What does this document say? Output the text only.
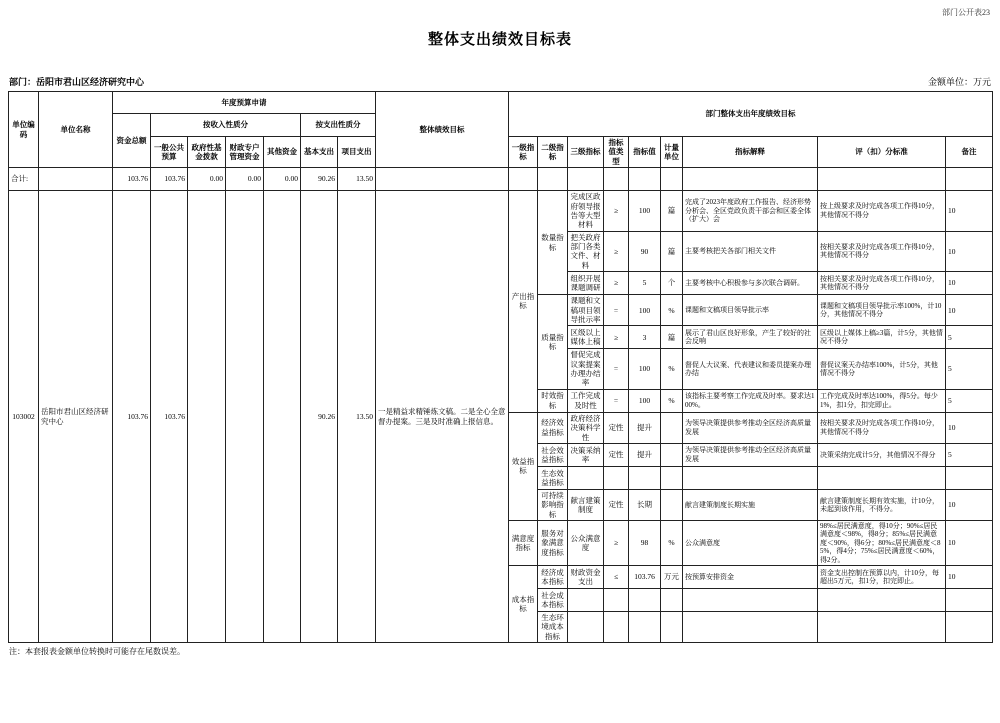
部门公开表23
整体支出绩效目标表
部门：岳阳市君山区经济研究中心	金额单位：万元
单位编码	单位名称	年度预算申请							整体绩效目标	部门整体支出年度绩效目标								
		资金总额	按收入性质分				按支出性质分											
			一般公共预算	政府性基金拨款	财政专户管理资金	其他资金	基本支出	项目支出		一级指标	二级指标	三级指标	指标值类型	指标值	计量单位	指标解释	评（扣）分标准	备注
合计:		103.76	103.76	0.00	0.00	0.00	90.26	13.50										
103002	岳阳市君山区经济研究中心	103.76	103.76				90.26	13.50	一是精益求精锤炼文稿。二是全心全意督办提案。三是及时准确上报信息。	产出指标	数量指标	完成区政府领导报告等大型材料	≥	100	篇	完成了2023年度政府工作报告、经济形势分析会、全区党政负责干部会和区委全体（扩大）会	按上级要求及时完成各项工作得10分，其他情况不得分	10
												把关政府部门各类文件、材料	≥	90	篇	主要考核把关各部门相关文件	按相关要求及时完成各项工作得10分，其他情况不得分	10
												组织开展课题调研	≥	5	个	主要考核中心积极参与多次联合调研。	按相关要求及时完成各项工作得10分，其他情况不得分	10
											质量指标	课题和文稿项目领导批示率	=	100	%	课题和文稿项目领导批示率	课题和文稿项目领导批示率100%，计10分，其他情况不得分	10
												区级以上媒体上稿	≥	3	篇	展示了君山区良好形象，产生了较好的社会反响	区级以上媒体上稿≥3篇，计5分，其他情况不得分	5
												督促完成议案提案办理办结率	=	100	%	督促人大议案、代表建议和委员提案办理办结	督促议案天办结率100%，计5分，其他情况不得分	5
											时效指标	工作完成及时性	=	100	%	该指标主要考察工作完成及时率。要求达100%。	工作完成及时率达100%，得5分。每少1%，扣1分，扣完即止。	5
										效益指标	经济效益指标	政府经济决策科学性	定性	提升		为领导决策提供参考推动全区经济高质量发展	按相关要求及时完成各项工作得10分，其他情况不得分	10
											社会效益指标	决策采纳率	定性	提升		为领导决策提供参考推动全区经济高质量发展	决策采纳完成计5分，其他情况不得分	5
											生态效益指标							
											可持续影响指标	献言建策制度	定性	长期		献言建策制度长期实施	献言建策制度长期有效实施，计10分，未起到该作用，不得分。	10
										满意度指标	服务对象满意度指标	公众满意度	≥	98	%	公众满意度	98%≤居民满意度，得10分；90%≤居民满意度＜98%，得8分；85%≤居民满意度＜90%，得6分；80%≤居民满意度＜85%，得4分；75%≤居民满意度＜60%，得2分。	10
										成本指标	经济成本指标	财政资金支出	≤	103.76	万元	按预算安排资金	资金支出控制在预算以内，计10分，每超出5万元，扣1分，扣完即止。	10
											社会成本指标							
											生态环境成本指标							
注：本套报表金额单位转换时可能存在尾数误差。
